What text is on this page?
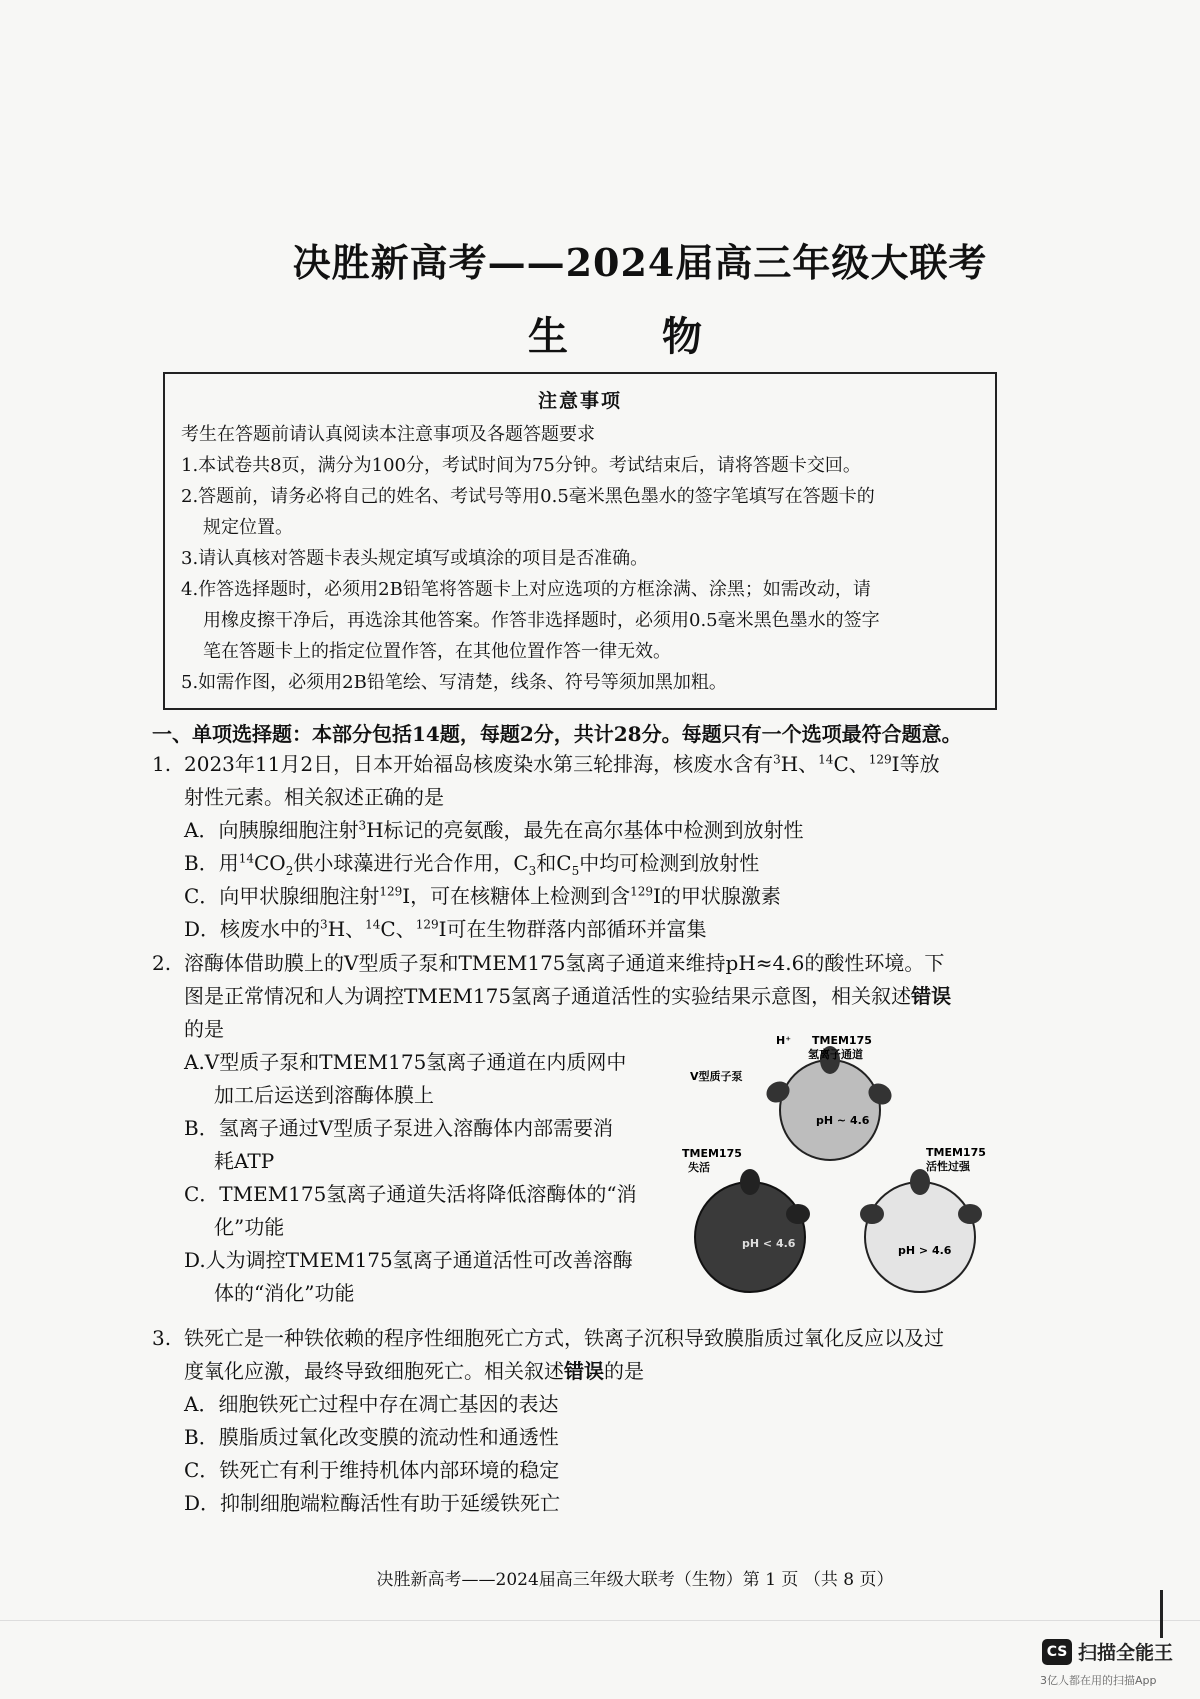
决胜新高考——2024届高三年级大联考
生 物
注意事项

考生在答题前请认真阅读本注意事项及各题答题要求

1.本试卷共8页，满分为100分，考试时间为75分钟。考试结束后，请将答题卡交回。

2.答题前，请务必将自己的姓名、考试号等用0.5毫米黑色墨水的签字笔填写在答题卡的

规定位置。

3.请认真核对答题卡表头规定填写或填涂的项目是否准确。

4.作答选择题时，必须用2B铅笔将答题卡上对应选项的方框涂满、涂黑；如需改动，请

用橡皮擦干净后，再选涂其他答案。作答非选择题时，必须用0.5毫米黑色墨水的签字

笔在答题卡上的指定位置作答，在其他位置作答一律无效。

5.如需作图，必须用2B铅笔绘、写清楚，线条、符号等须加黑加粗。

一、单项选择题：本部分包括14题，每题2分，共计28分。每题只有一个选项最符合题意。
1. 2023年11月2日，日本开始福岛核废染水第三轮排海，核废水含有$^3$H、$^{14}$C、$^{129}$I等放

射性元素。相关叙述正确的是

A．向胰腺细胞注射$^3$H标记的亮氨酸，最先在高尔基体中检测到放射性

B．用$^{14}CO_2$供小球藻进行光合作用，$C_3$和$C_5$中均可检测到放射性

C．向甲状腺细胞注射$^{129}$I，可在核糖体上检测到含$^{129}$I的甲状腺激素

D．核废水中的$^3$H、$^{14}$C、$^{129}$I可在生物群落内部循环并富集

2. 溶酶体借助膜上的V型质子泵和TMEM175氢离子通道来维持pH≈4.6的酸性环境。下

图是正常情况和人为调控TMEM175氢离子通道活性的实验结果示意图，相关叙述错误

的是

A.V型质子泵和TMEM175氢离子通道在内质网中

加工后运送到溶酶体膜上

B．氢离子通过V型质子泵进入溶酶体内部需要消

耗ATP

C．TMEM175氢离子通道失活将降低溶酶体的“消

化”功能

D.人为调控TMEM175氢离子通道活性可改善溶酶

体的“消化”功能

pH ~ 4.6
H⁺ TMEM175
氢离子通道
V型质子泵
pH < 4.6
TMEM175
失活
pH > 4.6
TMEM175
活性过强
3. 铁死亡是一种铁依赖的程序性细胞死亡方式，铁离子沉积导致膜脂质过氧化反应以及过

度氧化应激，最终导致细胞死亡。相关叙述错误的是

A．细胞铁死亡过程中存在凋亡基因的表达

B．膜脂质过氧化改变膜的流动性和通透性

C．铁死亡有利于维持机体内部环境的稳定

D．抑制细胞端粒酶活性有助于延缓铁死亡

决胜新高考——2024届高三年级大联考（生物）第 1 页 （共 8 页）
CS 扫描全能王
3亿人都在用的扫描App
